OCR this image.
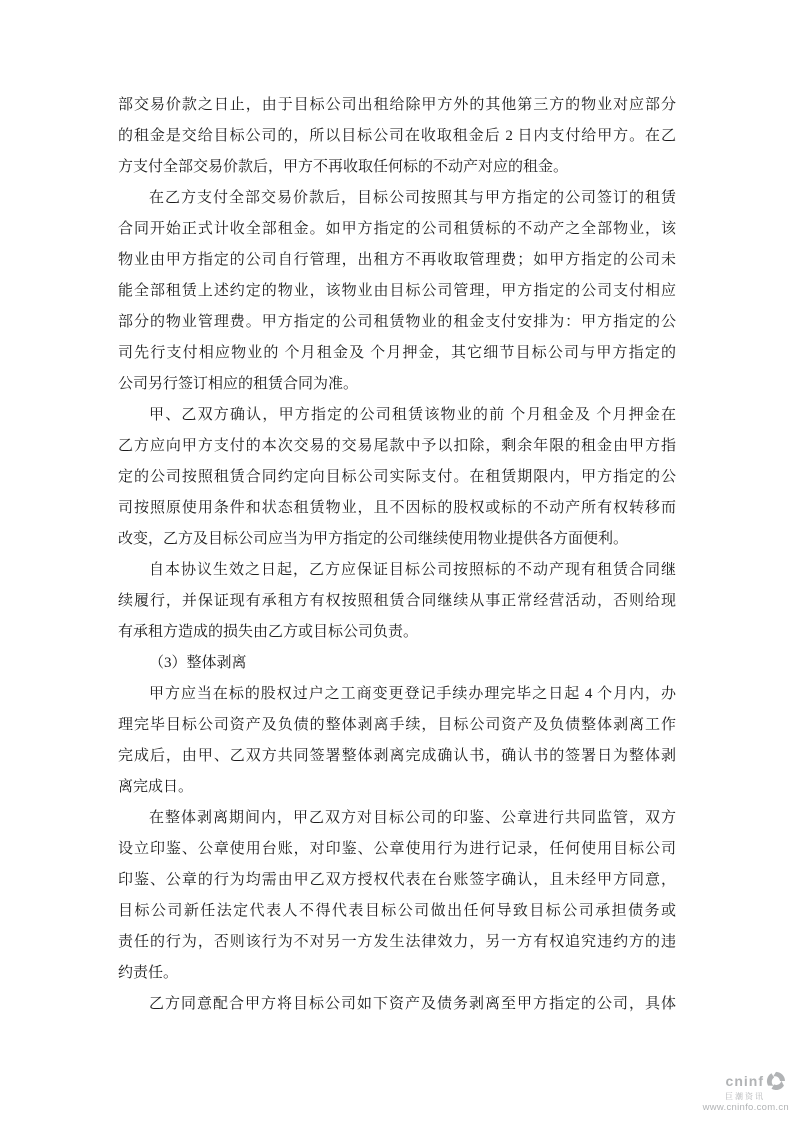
部交易价款之日止，由于目标公司出租给除甲方外的其他第三方的物业对应部分
的租金是交给目标公司的，所以目标公司在收取租金后 2 日内支付给甲方。在乙
方支付全部交易价款后，甲方不再收取任何标的不动产对应的租金。
在乙方支付全部交易价款后，目标公司按照其与甲方指定的公司签订的租赁
合同开始正式计收全部租金。如甲方指定的公司租赁标的不动产之全部物业，该
物业由甲方指定的公司自行管理，出租方不再收取管理费；如甲方指定的公司未
能全部租赁上述约定的物业，该物业由目标公司管理，甲方指定的公司支付相应
部分的物业管理费。甲方指定的公司租赁物业的租金支付安排为：甲方指定的公
司先行支付相应物业的 个月租金及 个月押金，其它细节目标公司与甲方指定的
公司另行签订相应的租赁合同为准。
甲、乙双方确认，甲方指定的公司租赁该物业的前 个月租金及 个月押金在
乙方应向甲方支付的本次交易的交易尾款中予以扣除，剩余年限的租金由甲方指
定的公司按照租赁合同约定向目标公司实际支付。在租赁期限内，甲方指定的公
司按照原使用条件和状态租赁物业，且不因标的股权或标的不动产所有权转移而
改变，乙方及目标公司应当为甲方指定的公司继续使用物业提供各方面便利。
自本协议生效之日起，乙方应保证目标公司按照标的不动产现有租赁合同继
续履行，并保证现有承租方有权按照租赁合同继续从事正常经营活动，否则给现
有承租方造成的损失由乙方或目标公司负责。
（3）整体剥离
甲方应当在标的股权过户之工商变更登记手续办理完毕之日起 4 个月内，办
理完毕目标公司资产及负债的整体剥离手续，目标公司资产及负债整体剥离工作
完成后，由甲、乙双方共同签署整体剥离完成确认书，确认书的签署日为整体剥
离完成日。
在整体剥离期间内，甲乙双方对目标公司的印鉴、公章进行共同监管，双方
设立印鉴、公章使用台账，对印鉴、公章使用行为进行记录，任何使用目标公司
印鉴、公章的行为均需由甲乙双方授权代表在台账签字确认，且未经甲方同意，
目标公司新任法定代表人不得代表目标公司做出任何导致目标公司承担债务或
责任的行为，否则该行为不对另一方发生法律效力，另一方有权追究违约方的违
约责任。
乙方同意配合甲方将目标公司如下资产及债务剥离至甲方指定的公司，具体
cninf
巨潮资讯
www.cninfo.com.cn
